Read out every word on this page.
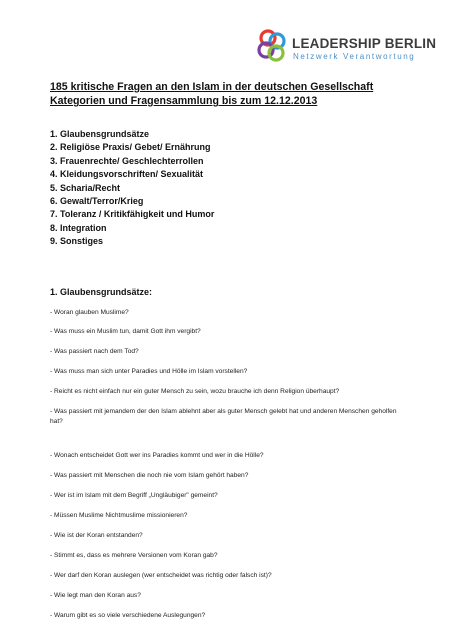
LEADERSHIP BERLIN
Netzwerk Verantwortung
185 kritische Fragen an den Islam in der deutschen Gesellschaft
Kategorien und Fragensammlung bis zum 12.12.2013
1. Glaubensgrundsätze
2. Religiöse Praxis/ Gebet/ Ernährung
3. Frauenrechte/ Geschlechterrollen
4. Kleidungsvorschriften/ Sexualität
5. Scharia/Recht
6. Gewalt/Terror/Krieg
7. Toleranz / Kritikfähigkeit und Humor
8. Integration
9. Sonstiges
1. Glaubensgrundsätze:
- Woran glauben Muslime?
- Was muss ein Muslim tun, damit Gott ihm vergibt?
- Was passiert nach dem Tod?
- Was muss man sich unter Paradies und Hölle im Islam vorstellen?
- Reicht es nicht einfach nur ein guter Mensch zu sein, wozu brauche ich denn Religion überhaupt?
- Was passiert mit jemandem der den Islam ablehnt aber als guter Mensch gelebt hat und anderen Menschen geholfen hat?
- Wonach entscheidet Gott wer ins Paradies kommt und wer in die Hölle?
- Was passiert mit Menschen die noch nie vom Islam gehört haben?
- Wer ist im Islam mit dem Begriff „Ungläubiger" gemeint?
- Müssen Muslime Nichtmuslime missionieren?
- Wie ist der Koran entstanden?
- Stimmt es, dass es mehrere Versionen vom Koran gab?
- Wer darf den Koran auslegen (wer entscheidet was richtig oder falsch ist)?
- Wie legt man den Koran aus?
- Warum gibt es so viele verschiedene Auslegungen?
